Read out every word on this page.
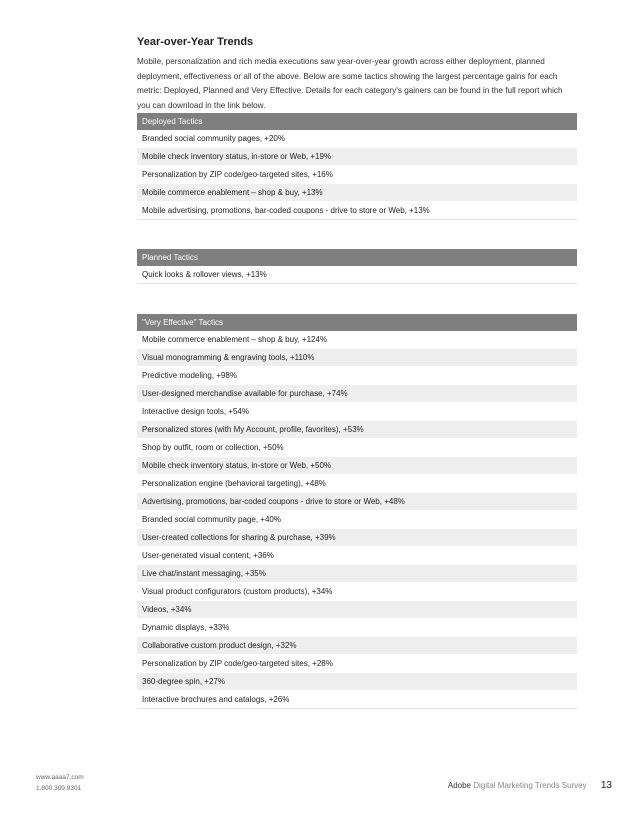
Year-over-Year Trends
Mobile, personalization and rich media executions saw year-over-year growth across either deployment, planned deployment, effectiveness or all of the above. Below are some tactics showing the largest percentage gains for each metric: Deployed, Planned and Very Effective. Details for each category's gainers can be found in the full report which you can download in the link below.
Deployed Tactics
Branded social community pages, +20%
Mobile check inventory status, in-store or Web, +19%
Personalization by ZIP code/geo-targeted sites, +16%
Mobile commerce enablement – shop & buy, +13%
Mobile advertising, promotions, bar-coded coupons - drive to store or Web, +13%
Planned Tactics
Quick looks & rollover views, +13%
"Very Effective" Tactics
Mobile commerce enablement – shop & buy, +124%
Visual monogramming & engraving tools, +110%
Predictive modeling, +98%
User-designed merchandise available for purchase, +74%
Interactive design tools, +54%
Personalized stores (with My Account, profile, favorites), +53%
Shop by outfit, room or collection, +50%
Mobile check inventory status, in-store or Web, +50%
Personalization engine (behavioral targeting), +48%
Advertising, promotions, bar-coded coupons - drive to store or Web, +48%
Branded social community page, +40%
User-created collections for sharing & purchase, +39%
User-generated visual content, +36%
Live chat/instant messaging, +35%
Visual product configurators (custom products), +34%
Videos, +34%
Dynamic displays, +33%
Collaborative custom product design, +32%
Personalization by ZIP code/geo-targeted sites, +28%
360-degree spin, +27%
Interactive brochures and catalogs, +26%
www.aaaa7.com
1.800.309.9301	Adobe Digital Marketing Trends Survey 13
